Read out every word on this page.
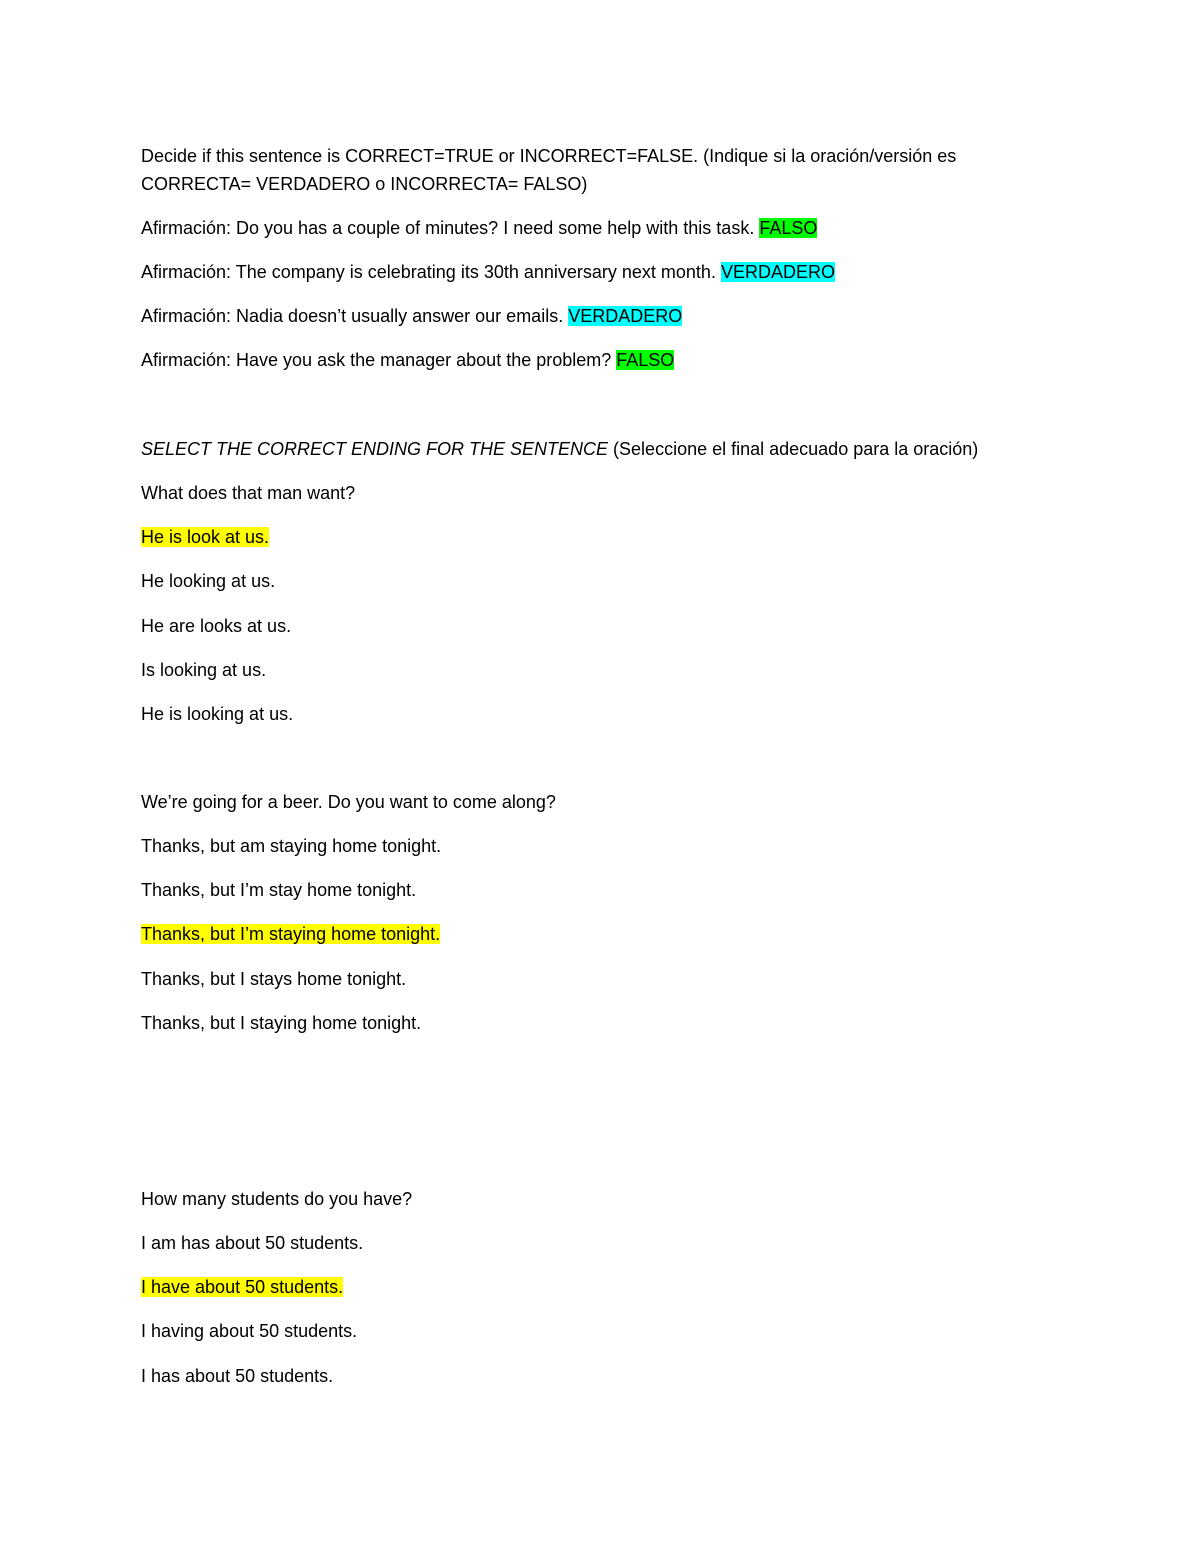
Decide if this sentence is CORRECT=TRUE or INCORRECT=FALSE. (Indique si la oración/versión es
CORRECTA= VERDADERO o INCORRECTA= FALSO)
Afirmación: Do you has a couple of minutes? I need some help with this task. FALSO
Afirmación: The company is celebrating its 30th anniversary next month. VERDADERO
Afirmación: Nadia doesn’t usually answer our emails. VERDADERO
Afirmación: Have you ask the manager about the problem? FALSO
SELECT THE CORRECT ENDING FOR THE SENTENCE (Seleccione el final adecuado para la oración)
What does that man want?
He is look at us.
He looking at us.
He are looks at us.
Is looking at us.
He is looking at us.
We’re going for a beer. Do you want to come along?
Thanks, but am staying home tonight.
Thanks, but I’m stay home tonight.
Thanks, but I’m staying home tonight.
Thanks, but I stays home tonight.
Thanks, but I staying home tonight.
How many students do you have?
I am has about 50 students.
I have about 50 students.
I having about 50 students.
I has about 50 students.
